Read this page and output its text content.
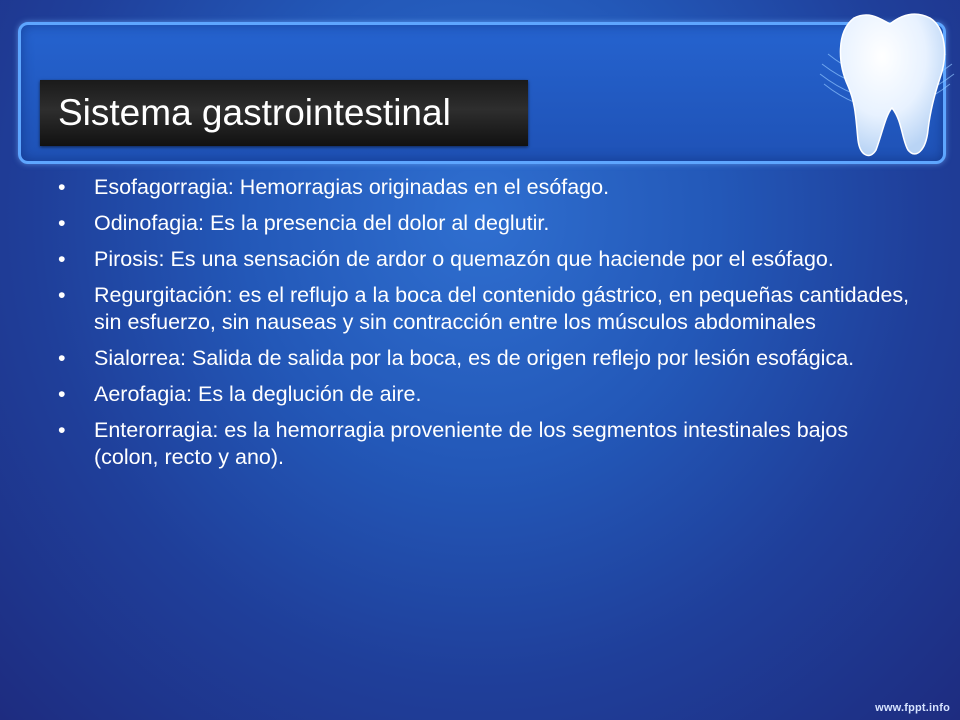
Sistema gastrointestinal
• Esofagorragia: Hemorragias originadas en el esófago.
• Odinofagia: Es la presencia del dolor al deglutir.
• Pirosis: Es una sensación de ardor o quemazón que haciende por el esófago.
• Regurgitación: es el reflujo a la boca del contenido gástrico, en pequeñas cantidades, sin esfuerzo, sin nauseas y sin contracción entre los músculos abdominales
• Sialorrea: Salida de salida por la boca, es de origen reflejo por lesión esofágica.
• Aerofagia: Es la deglución de aire.
• Enterorragia: es la hemorragia proveniente de los segmentos intestinales bajos (colon, recto y ano).
www.fppt.info
